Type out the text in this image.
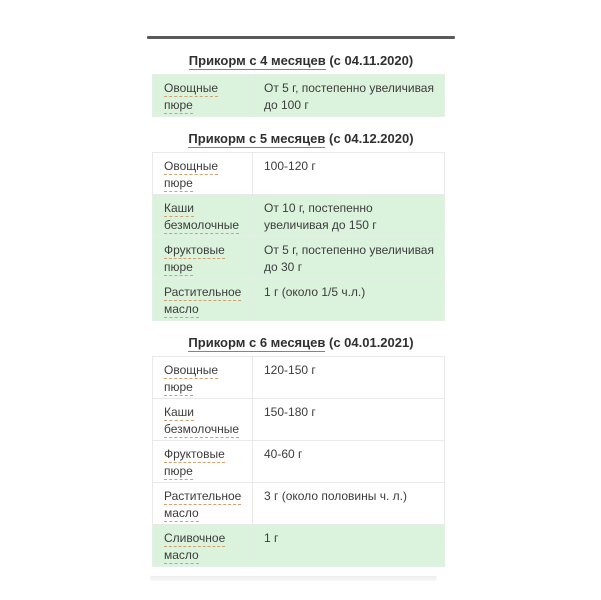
Прикорм с 4 месяцев (с 04.11.2020)
Овощные пюре	От 5 г, постепенно увеличивая до 100 г
Прикорм с 5 месяцев (с 04.12.2020)
Овощные пюре	100-120 г
Каши безмолочные	От 10 г, постепенно увеличивая до 150 г
Фруктовые пюре	От 5 г, постепенно увеличивая до 30 г
Растительное масло	1 г (около 1/5 ч.л.)
Прикорм с 6 месяцев (с 04.01.2021)
Овощные пюре	120-150 г
Каши безмолочные	150-180 г
Фруктовые пюре	40-60 г
Растительное масло	3 г (около половины ч. л.)
Сливочное масло	1 г
